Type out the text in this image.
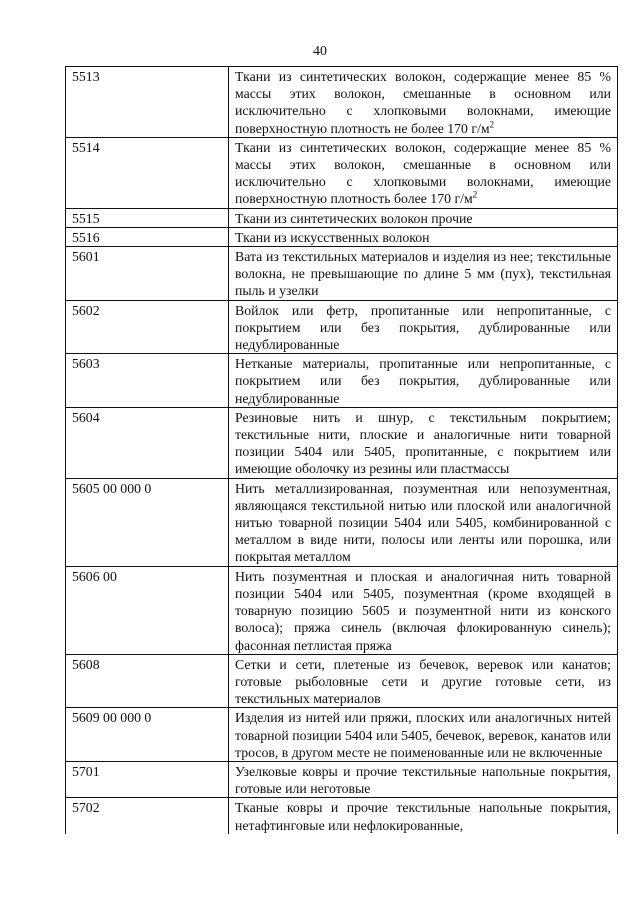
40
5513	Ткани из синтетических волокон, содержащие менее 85 % массы этих волокон, смешанные в основном или исключительно с хлопковыми волокнами, имеющие поверхностную плотность не более 170 $г/м^2$
5514	Ткани из синтетических волокон, содержащие менее 85 % массы этих волокон, смешанные в основном или исключительно с хлопковыми волокнами, имеющие поверхностную плотность более 170 $г/м^2$
5515	Ткани из синтетических волокон прочие
5516	Ткани из искусственных волокон
5601	Вата из текстильных материалов и изделия из нее; текстильные волокна, не превышающие по длине 5 мм (пух), текстильная пыль и узелки
5602	Войлок или фетр, пропитанные или непропитанные, с покрытием или без покрытия, дублированные или недублированные
5603	Нетканые материалы, пропитанные или непропитанные, с покрытием или без покрытия, дублированные или недублированные
5604	Резиновые нить и шнур, с текстильным покрытием; текстильные нити, плоские и аналогичные нити товарной позиции 5404 или 5405, пропитанные, с покрытием или имеющие оболочку из резины или пластмассы
5605 00 000 0	Нить металлизированная, позументная или непозументная, являющаяся текстильной нитью или плоской или аналогичной нитью товарной позиции 5404 или 5405, комбинированной с металлом в виде нити, полосы или ленты или порошка, или покрытая металлом
5606 00	Нить позументная и плоская и аналогичная нить товарной позиции 5404 или 5405, позументная (кроме входящей в товарную позицию 5605 и позументной нити из конского волоса); пряжа синель (включая флокированную синель); фасонная петлистая пряжа
5608	Сетки и сети, плетеные из бечевок, веревок или канатов; готовые рыболовные сети и другие готовые сети, из текстильных материалов
5609 00 000 0	Изделия из нитей или пряжи, плоских или аналогичных нитей товарной позиции 5404 или 5405, бечевок, веревок, канатов или тросов, в другом месте не поименованные или не включенные
5701	Узелковые ковры и прочие текстильные напольные покрытия, готовые или неготовые
5702	Тканые ковры и прочие текстильные напольные покрытия, нетафтинговые или нефлокированные,
